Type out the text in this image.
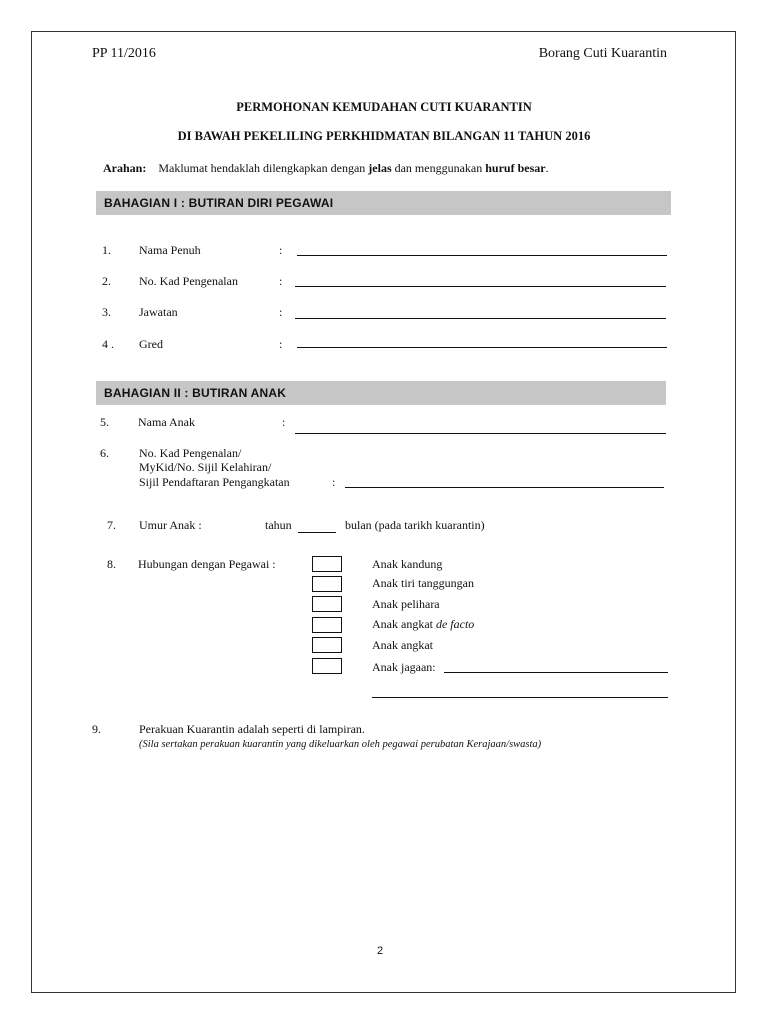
PP 11/2016	Borang Cuti Kuarantin
PERMOHONAN KEMUDAHAN CUTI KUARANTIN
DI BAWAH PEKELILING PERKHIDMATAN BILANGAN 11 TAHUN 2016
Arahan: Maklumat hendaklah dilengkapkan dengan jelas dan menggunakan huruf besar.
BAHAGIAN I : BUTIRAN DIRI PEGAWAI
1. Nama Penuh	:
2. No. Kad Pengenalan	:
3. Jawatan	:
4 . Gred	:
BAHAGIAN II : BUTIRAN ANAK
5. Nama Anak	:
6.	No. Kad Pengenalan/
MyKid/No. Sijil Kelahiran/
Sijil Pendaftaran Pengangkatan	:
7. Umur Anak :	tahun	bulan (pada tarikh kuarantin)
8. Hubungan dengan Pegawai :	Anak kandung
Anak tiri tanggungan
Anak pelihara
Anak angkat de facto
Anak angkat
Anak jagaan:
9.	Perakuan Kuarantin adalah seperti di lampiran.
(Sila sertakan perakuan kuarantin yang dikeluarkan oleh pegawai perubatan Kerajaan/swasta)
2
